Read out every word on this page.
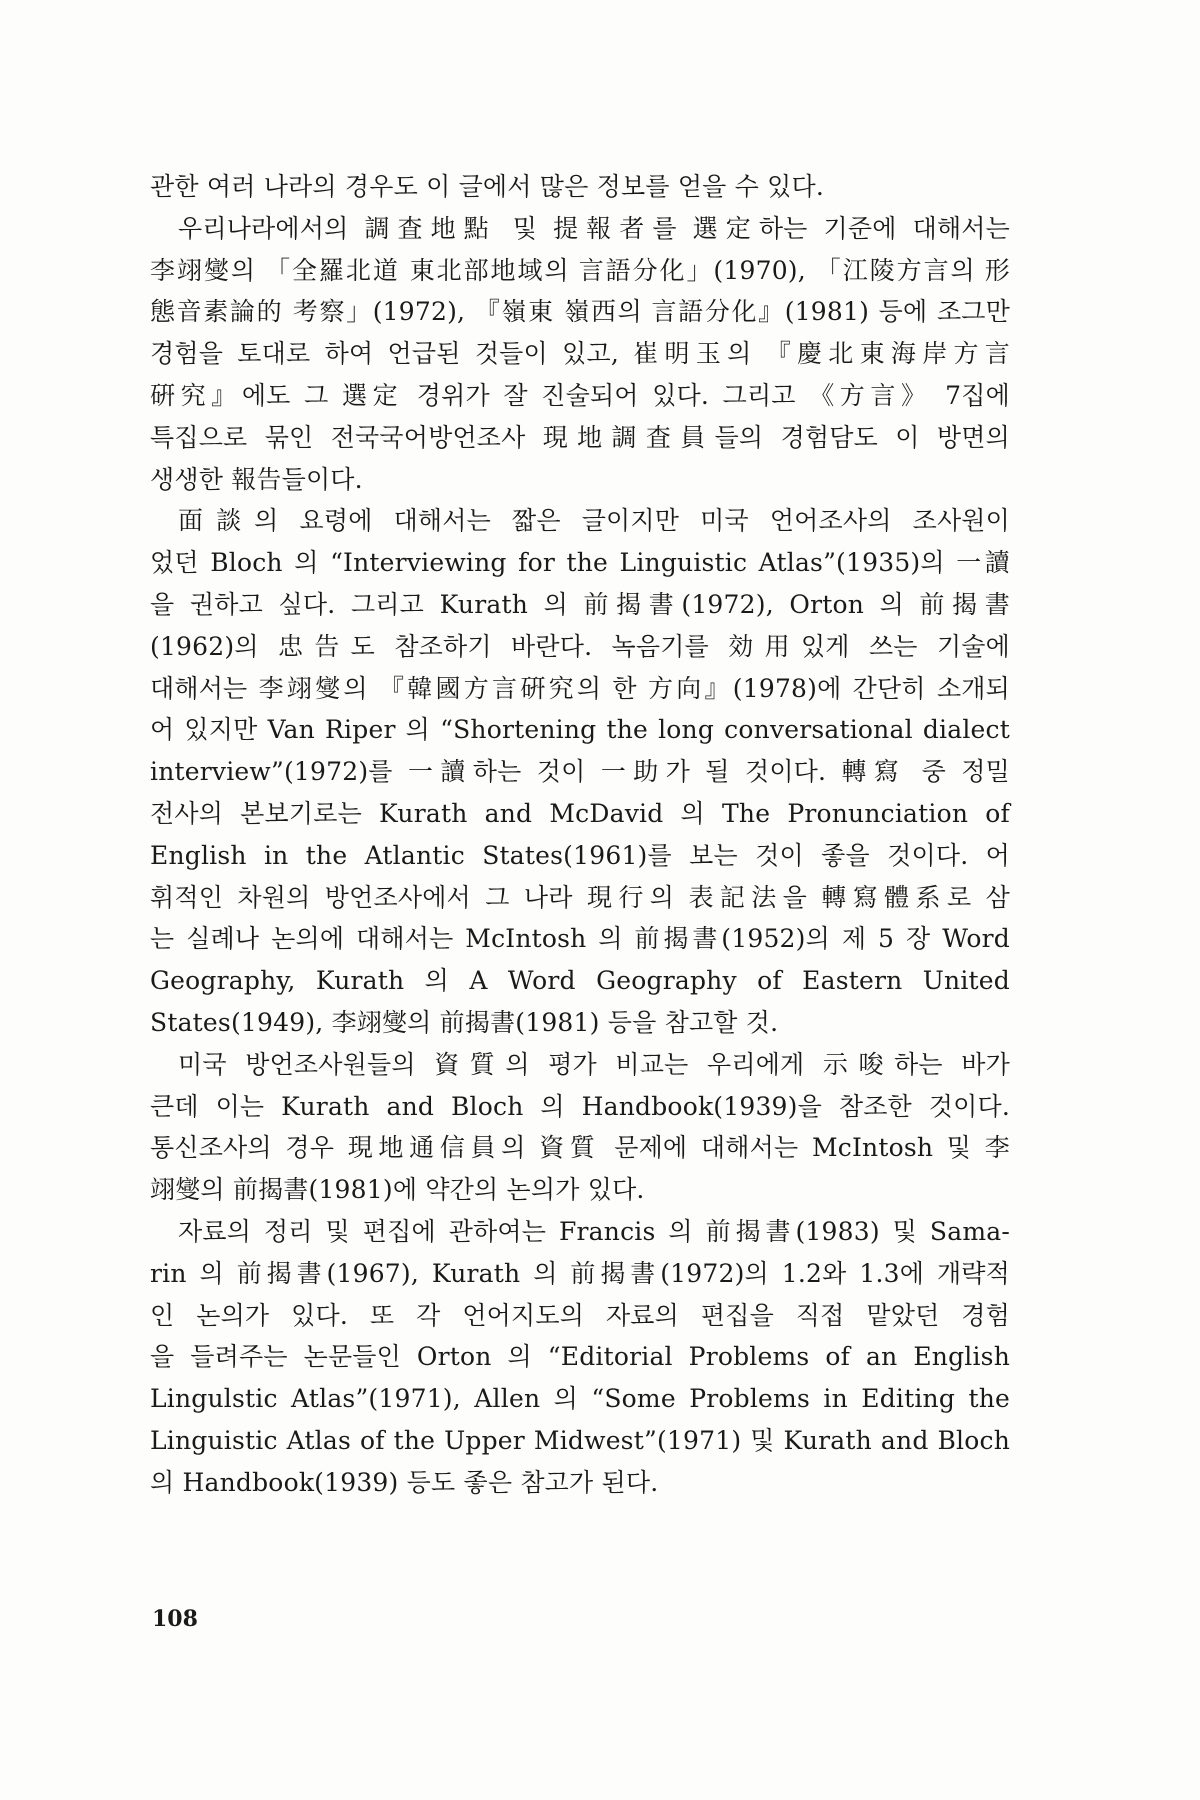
관한 여러 나라의 경우도 이 글에서 많은 정보를 얻을 수 있다.
우리나라에서의 調査地點 및 提報者를 選定하는 기준에 대해서는
李翊燮의 「全羅北道 東北部地域의 言語分化」(1970), 「江陵方言의 形
態音素論的 考察」(1972), 『嶺東 嶺西의 言語分化』(1981) 등에 조그만
경험을 토대로 하여 언급된 것들이 있고, 崔明玉의 『慶北東海岸方言
硏究』에도 그 選定 경위가 잘 진술되어 있다. 그리고 《方言》 7집에
특집으로 묶인 전국국어방언조사 現地調査員들의 경험담도 이 방면의
생생한 報告들이다.
面談의 요령에 대해서는 짧은 글이지만 미국 언어조사의 조사원이
었던 Bloch 의 “Interviewing for the Linguistic Atlas”(1935)의 一讀
을 권하고 싶다. 그리고 Kurath 의 前揭書(1972), Orton 의 前揭書
(1962)의 忠告도 참조하기 바란다. 녹음기를 効用있게 쓰는 기술에
대해서는 李翊燮의 『韓國方言硏究의 한 方向』(1978)에 간단히 소개되
어 있지만 Van Riper 의 “Shortening the long conversational dialect
interview”(1972)를 一讀하는 것이 一助가 될 것이다. 轉寫 중 정밀
전사의 본보기로는 Kurath and McDavid 의 The Pronunciation of
English in the Atlantic States(1961)를 보는 것이 좋을 것이다. 어
휘적인 차원의 방언조사에서 그 나라 現行의 表記法을 轉寫體系로 삼
는 실례나 논의에 대해서는 McIntosh 의 前揭書(1952)의 제 5 장 Word
Geography, Kurath 의 A Word Geography of Eastern United
States(1949), 李翊燮의 前揭書(1981) 등을 참고할 것.
미국 방언조사원들의 資質의 평가 비교는 우리에게 示唆하는 바가
큰데 이는 Kurath and Bloch 의 Handbook(1939)을 참조한 것이다.
통신조사의 경우 現地通信員의 資質 문제에 대해서는 McIntosh 및 李
翊燮의 前揭書(1981)에 약간의 논의가 있다.
자료의 정리 및 편집에 관하여는 Francis 의 前揭書(1983) 및 Sama-
rin 의 前揭書(1967), Kurath 의 前揭書(1972)의 1.2와 1.3에 개략적
인 논의가 있다. 또 각 언어지도의 자료의 편집을 직접 맡았던 경험
을 들려주는 논문들인 Orton 의 “Editorial Problems of an English
Lingulstic Atlas”(1971), Allen 의 “Some Problems in Editing the
Linguistic Atlas of the Upper Midwest”(1971) 및 Kurath and Bloch
의 Handbook(1939) 등도 좋은 참고가 된다.
108
